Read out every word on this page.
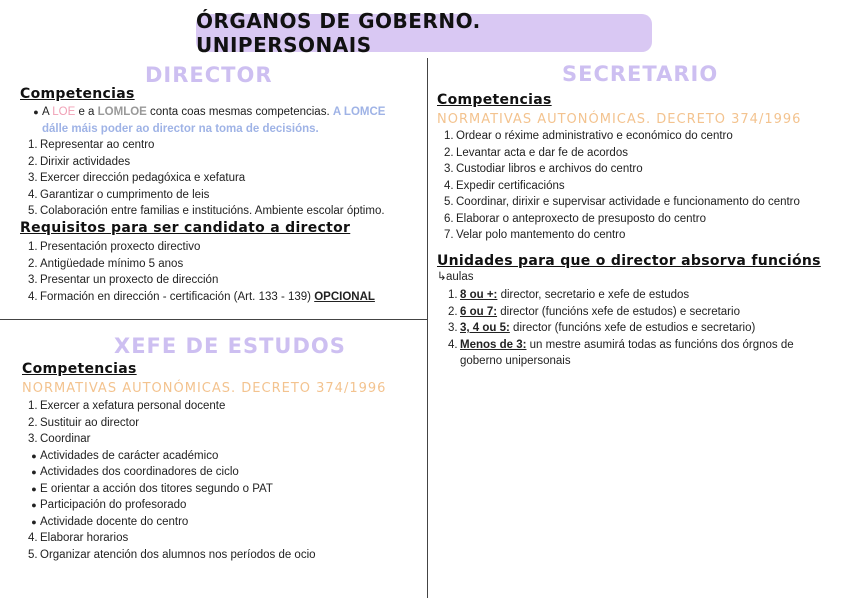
ÓRGANOS DE GOBERNO. UNIPERSONAIS
DIRECTOR
Competencias
● A LOE e a LOMLOE conta coas mesmas competencias. A LOMCE
dálle máis poder ao director na toma de decisións.
1. Representar ao centro
2. Dirixir actividades
3. Exercer dirección pedagóxica e xefatura
4. Garantizar o cumprimento de leis
5. Colaboración entre familias e institucións. Ambiente escolar óptimo.
Requisitos para ser candidato a director
1. Presentación proxecto directivo
2. Antigüedade mínimo 5 anos
3. Presentar un proxecto de dirección
4. Formación en dirección - certificación (Art. 133 - 139) OPCIONAL
XEFE DE ESTUDOS
Competencias
NORMATIVAS AUTONÓMICAS. DECRETO 374/1996
1. Exercer a xefatura personal docente
2. Sustituir ao director
3. Coordinar
● Actividades de carácter académico
● Actividades dos coordinadores de ciclo
● E orientar a acción dos titores segundo o PAT
● Participación do profesorado
● Actividade docente do centro
4. Elaborar horarios
5. Organizar atención dos alumnos nos períodos de ocio
SECRETARIO
Competencias
NORMATIVAS AUTONÓMICAS. DECRETO 374/1996
1. Ordear o réxime administrativo e económico do centro
2. Levantar acta e dar fe de acordos
3. Custodiar libros e archivos do centro
4. Expedir certificacións
5. Coordinar, dirixir e supervisar actividade e funcionamento do centro
6. Elaborar o anteproxecto de presuposto do centro
7. Velar polo mantemento do centro
Unidades para que o director absorva funcións
↳aulas
1. 8 ou +: director, secretario e xefe de estudos
2. 6 ou 7: director (funcións xefe de estudos) e secretario
3. 3, 4 ou 5: director (funcións xefe de estudios e secretario)
4. Menos de 3: un mestre asumirá todas as funcións dos órgnos de
goberno unipersonais
